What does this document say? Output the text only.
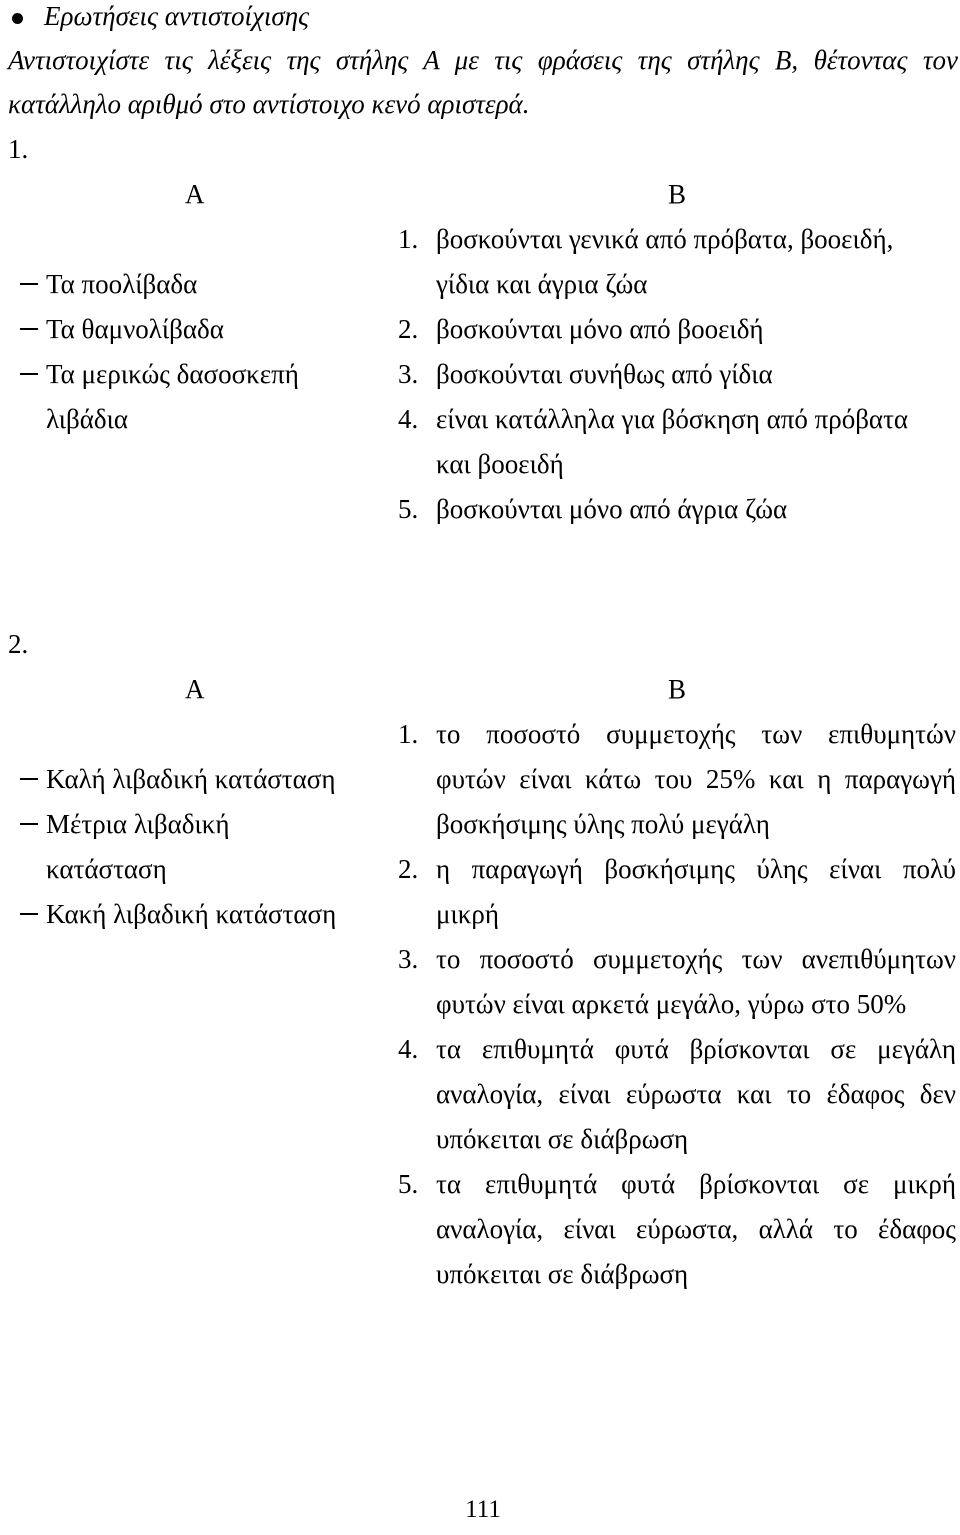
Ερωτήσεις αντιστοίχισης
Αντιστοιχίστε τις λέξεις της στήλης Α με τις φράσεις της στήλης Β, θέτοντας τον
κατάλληλο αριθμό στο αντίστοιχο κενό αριστερά.
1.
Α	Β
Τα ποολίβαδα
Τα θαμνολίβαδα
Τα μερικώς δασοσκεπή
λιβάδια
1. βοσκούνται γενικά από πρόβατα, βοοειδή,
γίδια και άγρια ζώα
2. βοσκούνται μόνο από βοοειδή
3. βοσκούνται συνήθως από γίδια
4. είναι κατάλληλα για βόσκηση από πρόβατα
και βοοειδή
5. βοσκούνται μόνο από άγρια ζώα
2.
Α	Β
Καλή λιβαδική κατάσταση
Μέτρια λιβαδική
κατάσταση
Κακή λιβαδική κατάσταση
1. το ποσοστό συμμετοχής των επιθυμητών
φυτών είναι κάτω του 25% και η παραγωγή
βοσκήσιμης ύλης πολύ μεγάλη
2. η παραγωγή βοσκήσιμης ύλης είναι πολύ
μικρή
3. το ποσοστό συμμετοχής των ανεπιθύμητων
φυτών είναι αρκετά μεγάλο, γύρω στο 50%
4. τα επιθυμητά φυτά βρίσκονται σε μεγάλη
αναλογία, είναι εύρωστα και το έδαφος δεν
υπόκειται σε διάβρωση
5. τα επιθυμητά φυτά βρίσκονται σε μικρή
αναλογία, είναι εύρωστα, αλλά το έδαφος
υπόκειται σε διάβρωση
111
